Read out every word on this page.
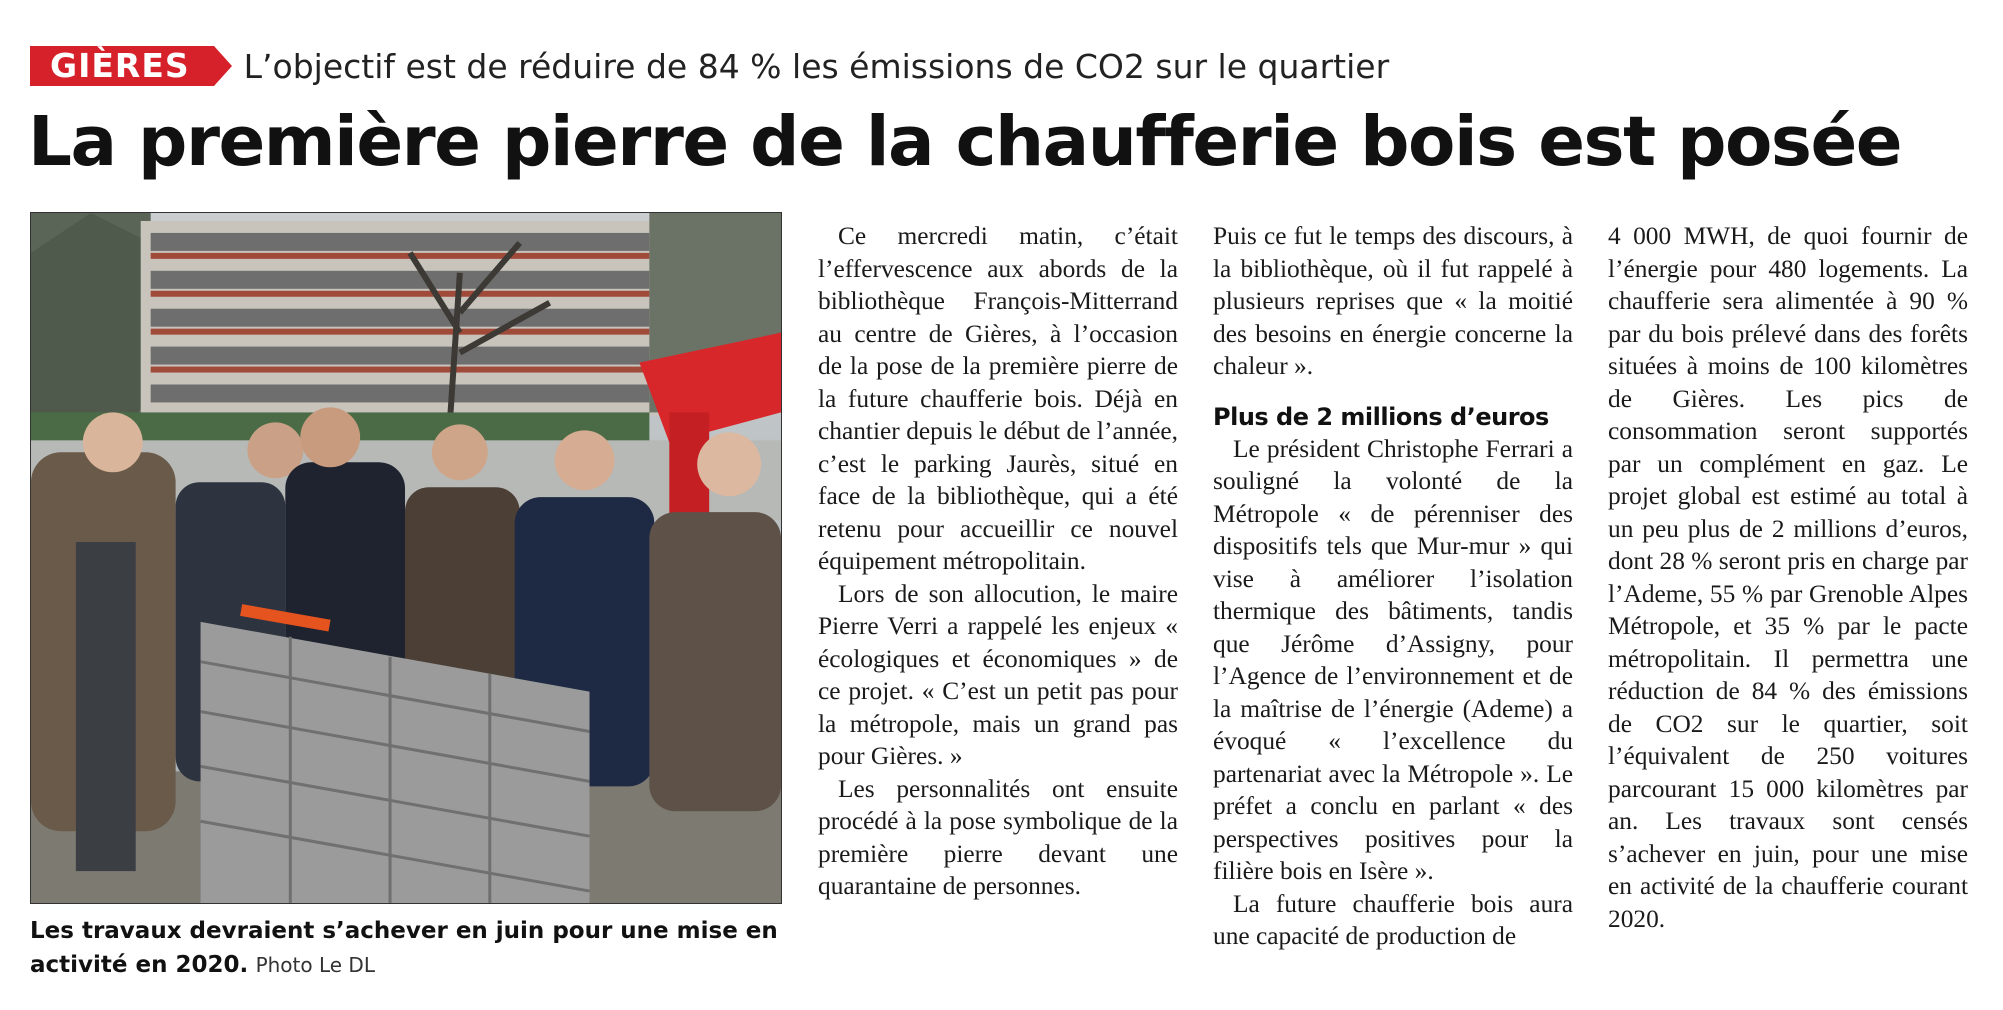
GIÈRES	L’objectif est de réduire de 84 % les émissions de CO2 sur le quartier
La première pierre de la chaufferie bois est posée
Les travaux devraient s’achever en juin pour une mise en activité en 2020. Photo Le DL

Ce mercredi matin, c’était l’effervescence aux abords de la bibliothèque François-Mitterrand au centre de Gières, à l’occasion de la pose de la première pierre de la future chaufferie bois. Déjà en chantier depuis le début de l’année, c’est le parking Jaurès, situé en face de la bibliothèque, qui a été retenu pour accueillir ce nouvel équipement métropolitain.

Lors de son allocution, le maire Pierre Verri a rappelé les enjeux « écologiques et économiques » de ce projet. « C’est un petit pas pour la métropole, mais un grand pas pour Gières. »

Les personnalités ont ensuite procédé à la pose symbolique de la première pierre devant une quarantaine de personnes.

Puis ce fut le temps des discours, à la bibliothèque, où il fut rappelé à plusieurs reprises que « la moitié des besoins en énergie concerne la chaleur ».

Plus de 2 millions d’euros

Le président Christophe Ferrari a souligné la volonté de la Métropole « de pérenniser des dispositifs tels que Mur-mur » qui vise à améliorer l’isolation thermique des bâtiments, tandis que Jérôme d’Assigny, pour l’Agence de l’environnement et de la maîtrise de l’énergie (Ademe) a évoqué « l’excellence du partenariat avec la Métropole ». Le préfet a conclu en parlant « des perspectives positives pour la filière bois en Isère ».

La future chaufferie bois aura une capacité de production de

4 000 MWH, de quoi fournir de l’énergie pour 480 logements. La chaufferie sera alimentée à 90 % par du bois prélevé dans des forêts situées à moins de 100 kilomètres de Gières. Les pics de consommation seront supportés par un complément en gaz. Le projet global est estimé au total à un peu plus de 2 millions d’euros, dont 28 % seront pris en charge par l’Ademe, 55 % par Grenoble Alpes Métropole, et 35 % par le pacte métropolitain. Il permettra une réduction de 84 % des émissions de CO2 sur le quartier, soit l’équivalent de 250 voitures parcourant 15 000 kilomètres par an. Les travaux sont censés s’achever en juin, pour une mise en activité de la chaufferie courant 2020.
